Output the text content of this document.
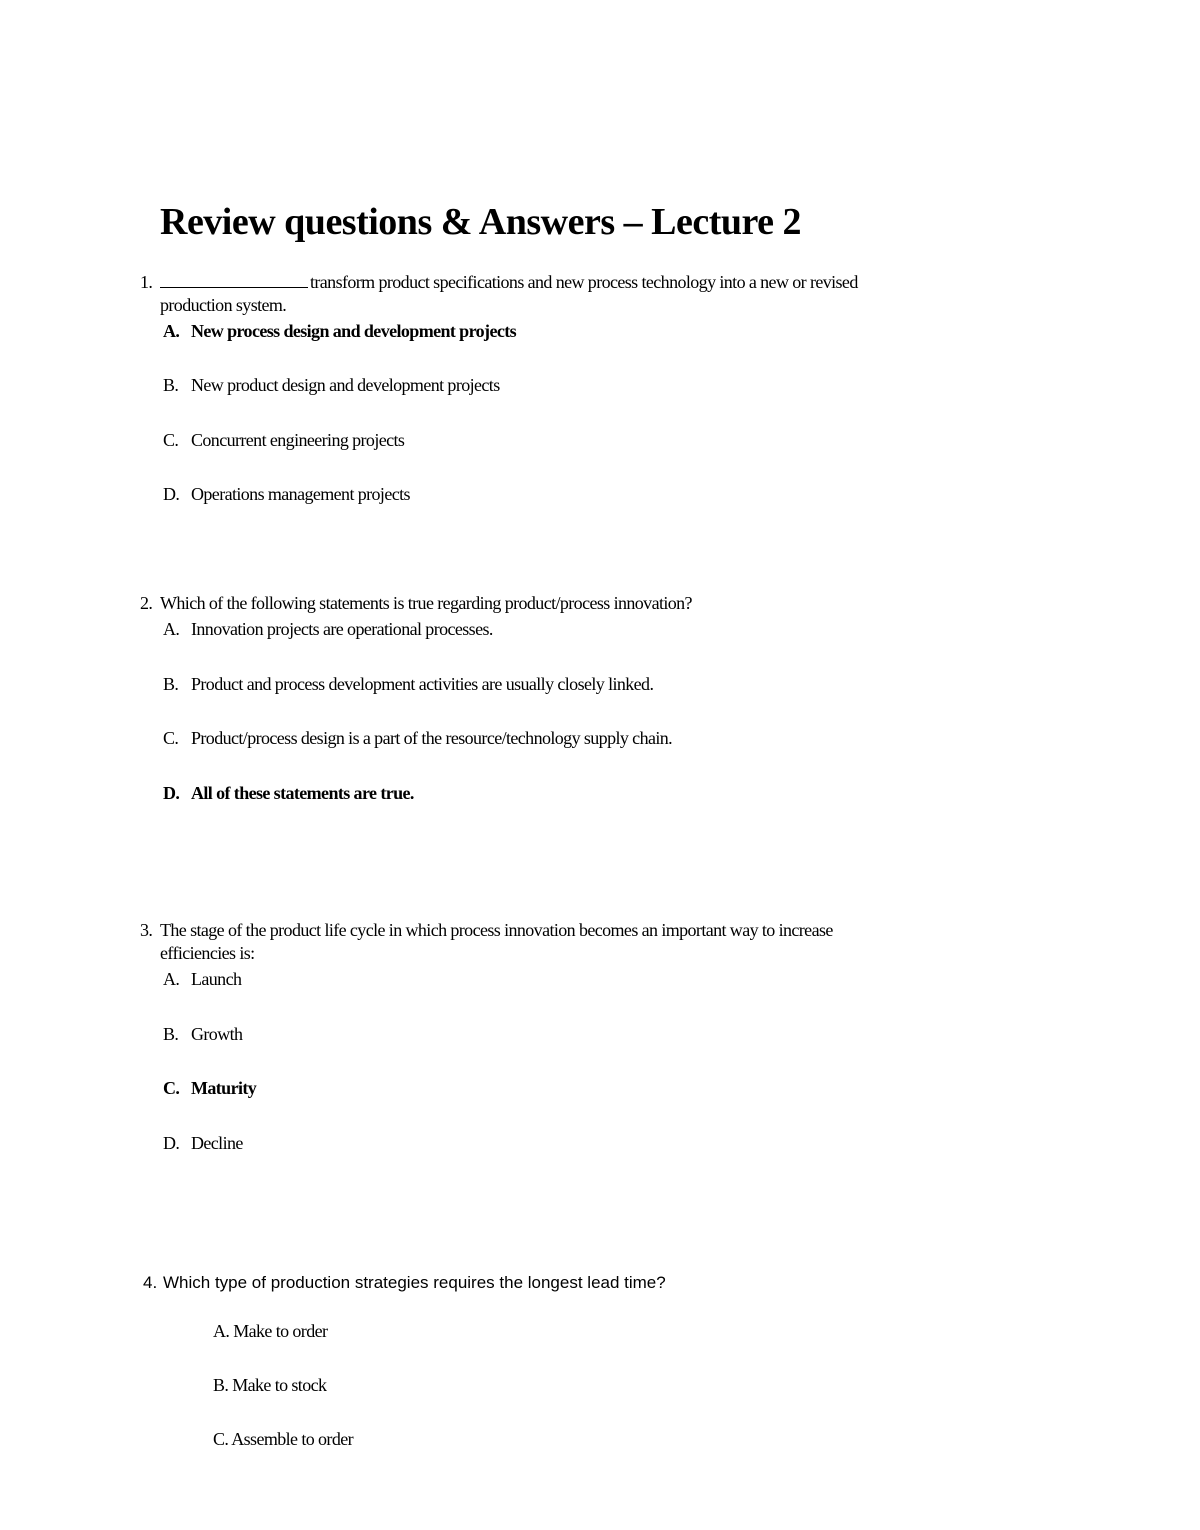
Review questions & Answers – Lecture 2
1.	transform product specifications and new process technology into a new or revised
production system.
A. New process design and development projects
B. New product design and development projects
C. Concurrent engineering projects
D. Operations management projects
2. Which of the following statements is true regarding product/process innovation?
A. Innovation projects are operational processes.
B. Product and process development activities are usually closely linked.
C. Product/process design is a part of the resource/technology supply chain.
D. All of these statements are true.
3. The stage of the product life cycle in which process innovation becomes an important way to increase
efficiencies is:
A. Launch
B. Growth
C. Maturity
D. Decline
4. Which type of production strategies requires the longest lead time?
A. Make to order
B. Make to stock
C. Assemble to order
